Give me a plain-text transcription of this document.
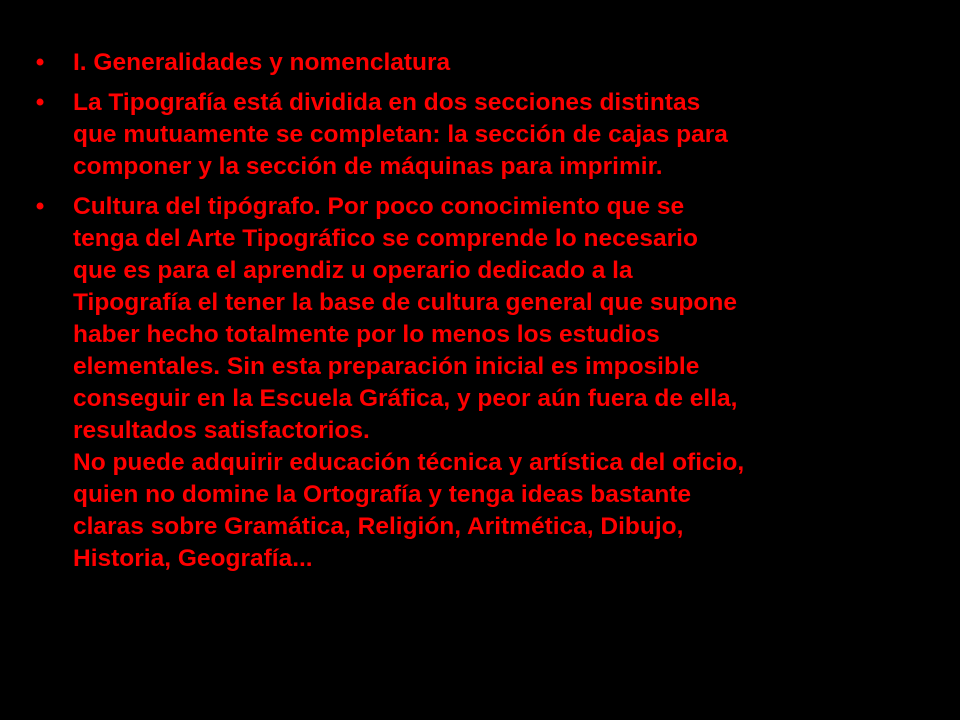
• I. Generalidades y nomenclatura
• La Tipografía está dividida en dos secciones distintas
que mutuamente se completan: la sección de cajas para
componer y la sección de máquinas para imprimir.
• Cultura del tipógrafo. Por poco conocimiento que se
tenga del Arte Tipográfico se comprende lo necesario
que es para el aprendiz u operario dedicado a la
Tipografía el tener la base de cultura general que supone
haber hecho totalmente por lo menos los estudios
elementales. Sin esta preparación inicial es imposible
conseguir en la Escuela Gráfica, y peor aún fuera de ella,
resultados satisfactorios.
No puede adquirir educación técnica y artística del oficio,
quien no domine la Ortografía y tenga ideas bastante
claras sobre Gramática, Religión, Aritmética, Dibujo,
Historia, Geografía...
